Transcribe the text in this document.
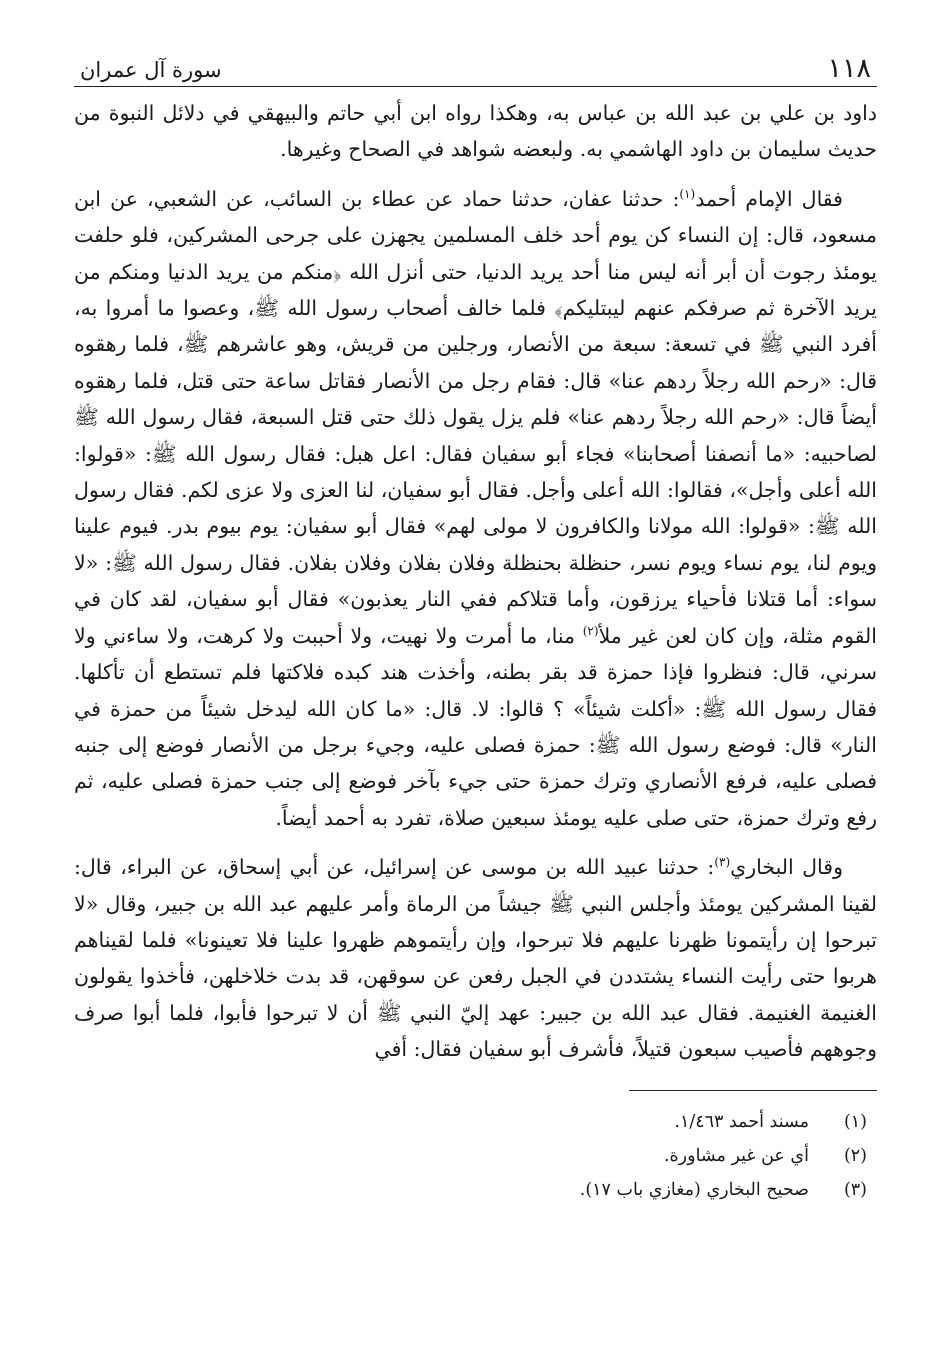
١١٨
سورة آل عمران

داود بن علي بن عبد الله بن عباس به، وهكذا رواه ابن أبي حاتم والبيهقي في دلائل النبوة من حديث سليمان بن داود الهاشمي به. ولبعضه شواهد في الصحاح وغيرها.

فقال الإمام أحمد$^{(١)}$: حدثنا عفان، حدثنا حماد عن عطاء بن السائب، عن الشعبي، عن ابن مسعود، قال: إن النساء كن يوم أحد خلف المسلمين يجهزن على جرحى المشركين، فلو حلفت يومئذ رجوت أن أبر أنه ليس منا أحد يريد الدنيا، حتى أنزل الله ﴿منكم من يريد الدنيا ومنكم من يريد الآخرة ثم صرفكم عنهم ليبتليكم﴾ فلما خالف أصحاب رسول الله ﷺ، وعصوا ما أمروا به، أفرد النبي ﷺ في تسعة: سبعة من الأنصار، ورجلين من قريش، وهو عاشرهم ﷺ، فلما رهقوه قال: «رحم الله رجلاً ردهم عنا» قال: فقام رجل من الأنصار فقاتل ساعة حتى قتل، فلما رهقوه أيضاً قال: «رحم الله رجلاً ردهم عنا» فلم يزل يقول ذلك حتى قتل السبعة، فقال رسول الله ﷺ لصاحبيه: «ما أنصفنا أصحابنا» فجاء أبو سفيان فقال: اعل هبل: فقال رسول الله ﷺ: «قولوا: الله أعلى وأجل»، فقالوا: الله أعلى وأجل. فقال أبو سفيان، لنا العزى ولا عزى لكم. فقال رسول الله ﷺ: «قولوا: الله مولانا والكافرون لا مولى لهم» فقال أبو سفيان: يوم بيوم بدر. فيوم علينا ويوم لنا، يوم نساء ويوم نسر، حنظلة بحنظلة وفلان بفلان وفلان بفلان. فقال رسول الله ﷺ: «لا سواء: أما قتلانا فأحياء يرزقون، وأما قتلاكم ففي النار يعذبون» فقال أبو سفيان، لقد كان في القوم مثلة، وإن كان لعن غير ملأ$^{(٢)}$ منا، ما أمرت ولا نهيت، ولا أحببت ولا كرهت، ولا ساءني ولا سرني، قال: فنظروا فإذا حمزة قد بقر بطنه، وأخذت هند كبده فلاكتها فلم تستطع أن تأكلها. فقال رسول الله ﷺ: «أكلت شيئاً» ؟ قالوا: لا. قال: «ما كان الله ليدخل شيئاً من حمزة في النار» قال: فوضع رسول الله ﷺ: حمزة فصلى عليه، وجيء برجل من الأنصار فوضع إلى جنبه فصلى عليه، فرفع الأنصاري وترك حمزة حتى جيء بآخر فوضع إلى جنب حمزة فصلى عليه، ثم رفع وترك حمزة، حتى صلى عليه يومئذ سبعين صلاة، تفرد به أحمد أيضاً.

وقال البخاري$^{(٣)}$: حدثنا عبيد الله بن موسى عن إسرائيل، عن أبي إسحاق، عن البراء، قال: لقينا المشركين يومئذ وأجلس النبي ﷺ جيشاً من الرماة وأمر عليهم عبد الله بن جبير، وقال «لا تبرحوا إن رأيتمونا ظهرنا عليهم فلا تبرحوا، وإن رأيتموهم ظهروا علينا فلا تعينونا» فلما لقيناهم هربوا حتى رأيت النساء يشتددن في الجبل رفعن عن سوقهن، قد بدت خلاخلهن، فأخذوا يقولون الغنيمة الغنيمة. فقال عبد الله بن جبير: عهد إليّ النبي ﷺ أن لا تبرحوا فأبوا، فلما أبوا صرف وجوههم فأصيب سبعون قتيلاً، فأشرف أبو سفيان فقال: أفي

(١)
مسند أحمد ١/٤٦٣.
(٢)
أي عن غير مشاورة.
(٣)
صحيح البخاري (مغازي باب ١٧).
